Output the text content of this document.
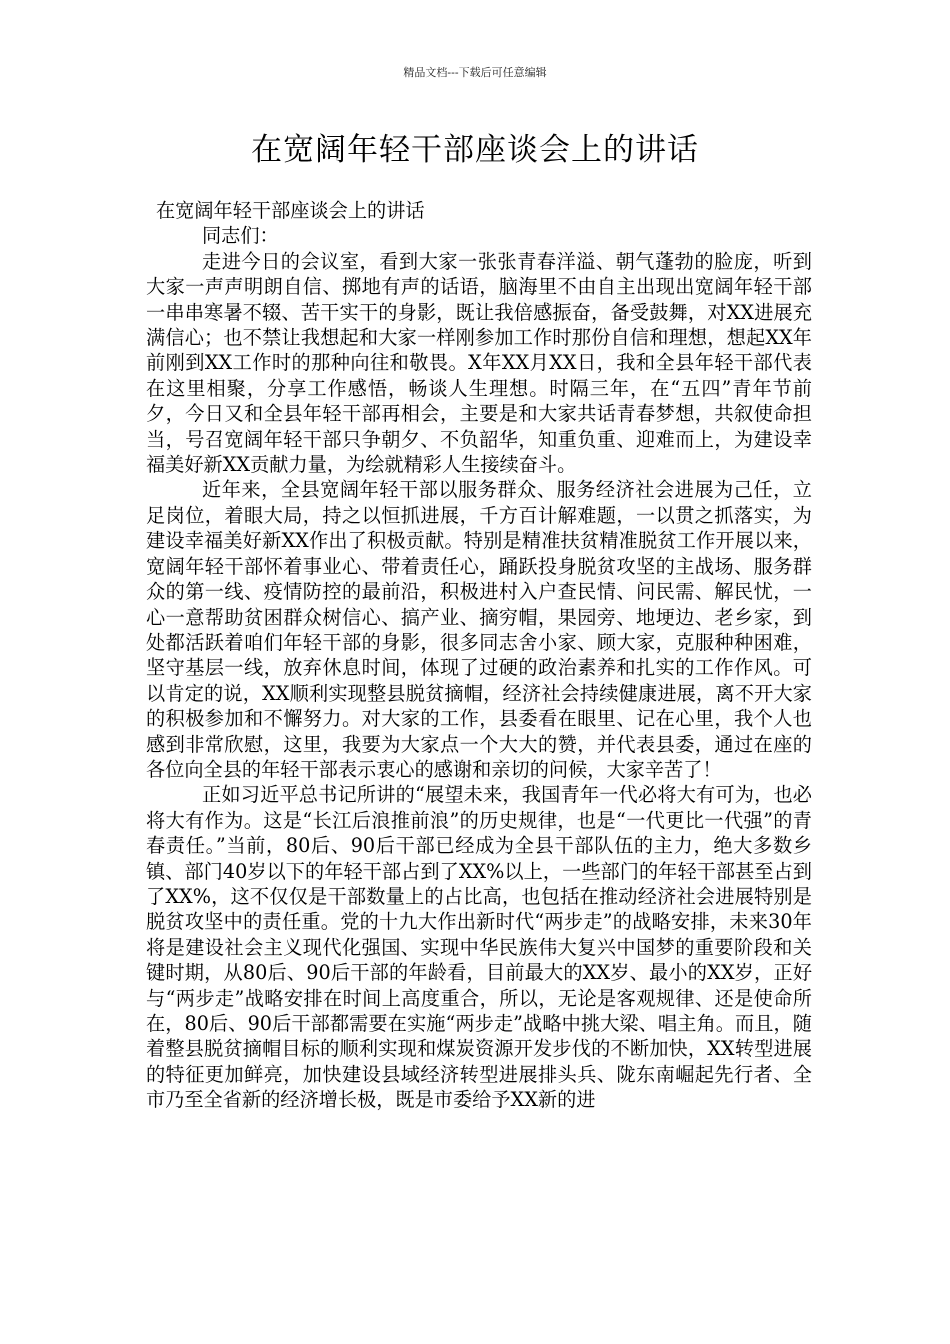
精品文档---下载后可任意编辑
在宽阔年轻干部座谈会上的讲话

在宽阔年轻干部座谈会上的讲话

同志们：

走进今日的会议室，看到大家一张张青春洋溢、朝气蓬勃的脸庞，听到大家一声声明朗自信、掷地有声的话语，脑海里不由自主出现出宽阔年轻干部一串串寒暑不辍、苦干实干的身影，既让我倍感振奋，备受鼓舞，对XX进展充满信心；也不禁让我想起和大家一样刚参加工作时那份自信和理想，想起XX年前刚到XX工作时的那种向往和敬畏。X年XX月XX日，我和全县年轻干部代表在这里相聚，分享工作感悟，畅谈人生理想。时隔三年，在“五四”青年节前夕，今日又和全县年轻干部再相会，主要是和大家共话青春梦想，共叙使命担当，号召宽阔年轻干部只争朝夕、不负韶华，知重负重、迎难而上，为建设幸福美好新XX贡献力量，为绘就精彩人生接续奋斗。

近年来，全县宽阔年轻干部以服务群众、服务经济社会进展为己任，立足岗位，着眼大局，持之以恒抓进展，千方百计解难题，一以贯之抓落实，为建设幸福美好新XX作出了积极贡献。特别是精准扶贫精准脱贫工作开展以来，宽阔年轻干部怀着事业心、带着责任心，踊跃投身脱贫攻坚的主战场、服务群众的第一线、疫情防控的最前沿，积极进村入户查民情、问民需、解民忧，一心一意帮助贫困群众树信心、搞产业、摘穷帽，果园旁、地埂边、老乡家，到处都活跃着咱们年轻干部的身影，很多同志舍小家、顾大家，克服种种困难，坚守基层一线，放弃休息时间，体现了过硬的政治素养和扎实的工作作风。可以肯定的说，XX顺利实现整县脱贫摘帽，经济社会持续健康进展，离不开大家的积极参加和不懈努力。对大家的工作，县委看在眼里、记在心里，我个人也感到非常欣慰，这里，我要为大家点一个大大的赞，并代表县委，通过在座的各位向全县的年轻干部表示衷心的感谢和亲切的问候，大家辛苦了！

正如习近平总书记所讲的“展望未来，我国青年一代必将大有可为，也必将大有作为。这是“长江后浪推前浪”的历史规律，也是“一代更比一代强”的青春责任。”当前，80后、90后干部已经成为全县干部队伍的主力，绝大多数乡镇、部门40岁以下的年轻干部占到了XX%以上，一些部门的年轻干部甚至占到了XX%，这不仅仅是干部数量上的占比高，也包括在推动经济社会进展特别是脱贫攻坚中的责任重。党的十九大作出新时代“两步走”的战略安排，未来30年将是建设社会主义现代化强国、实现中华民族伟大复兴中国梦的重要阶段和关键时期，从80后、90后干部的年龄看，目前最大的XX岁、最小的XX岁，正好与“两步走”战略安排在时间上高度重合，所以，无论是客观规律、还是使命所在，80后、90后干部都需要在实施“两步走”战略中挑大梁、唱主角。而且，随着整县脱贫摘帽目标的顺利实现和煤炭资源开发步伐的不断加快，XX转型进展的特征更加鲜亮，加快建设县域经济转型进展排头兵、陇东南崛起先行者、全市乃至全省新的经济增长极，既是市委给予XX新的进
